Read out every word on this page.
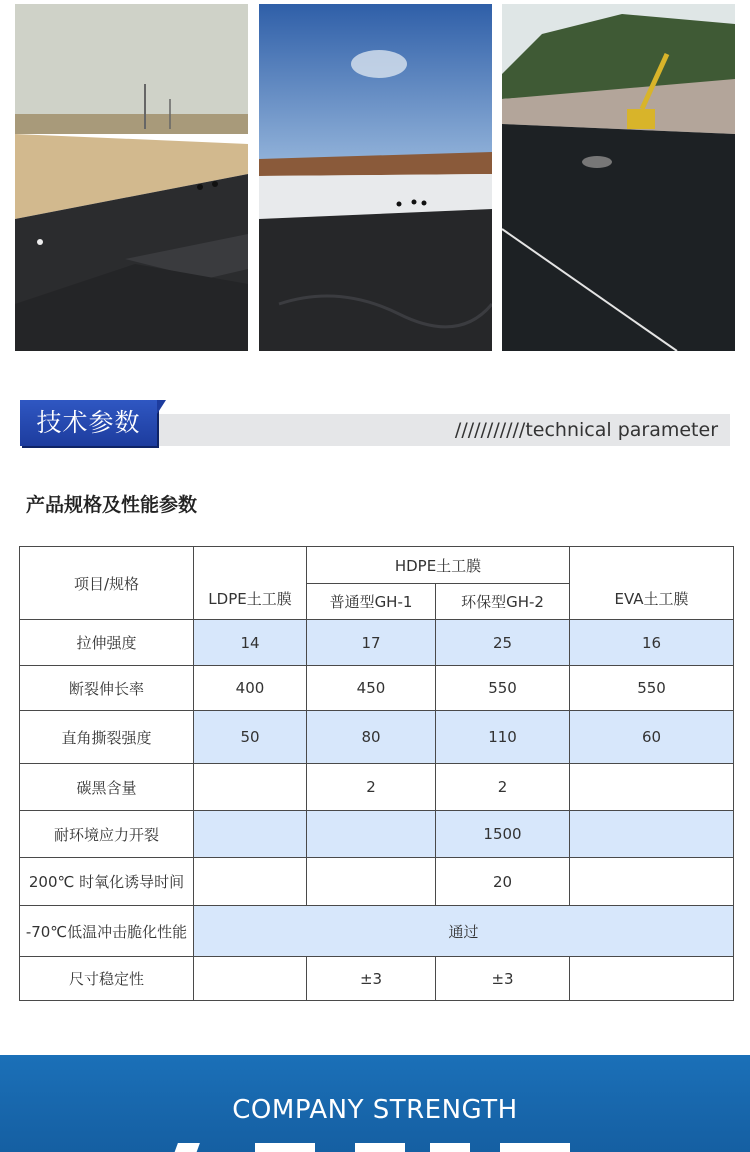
技术参数	///////////technical parameter
产品规格及性能参数
项目/规格	LDPE土工膜	HDPE土工膜		EVA土工膜
		普通型GH-1	环保型GH-2	
拉伸强度	14	17	25	16
断裂伸长率	400	450	550	550
直角撕裂强度	50	80	110	60
碳黑含量		2	2	
耐环境应力开裂			1500	
200℃ 时氧化诱导时间			20	
-70℃低温冲击脆化性能	通过			
尺寸稳定性		±3	±3	
COMPANY STRENGTH
